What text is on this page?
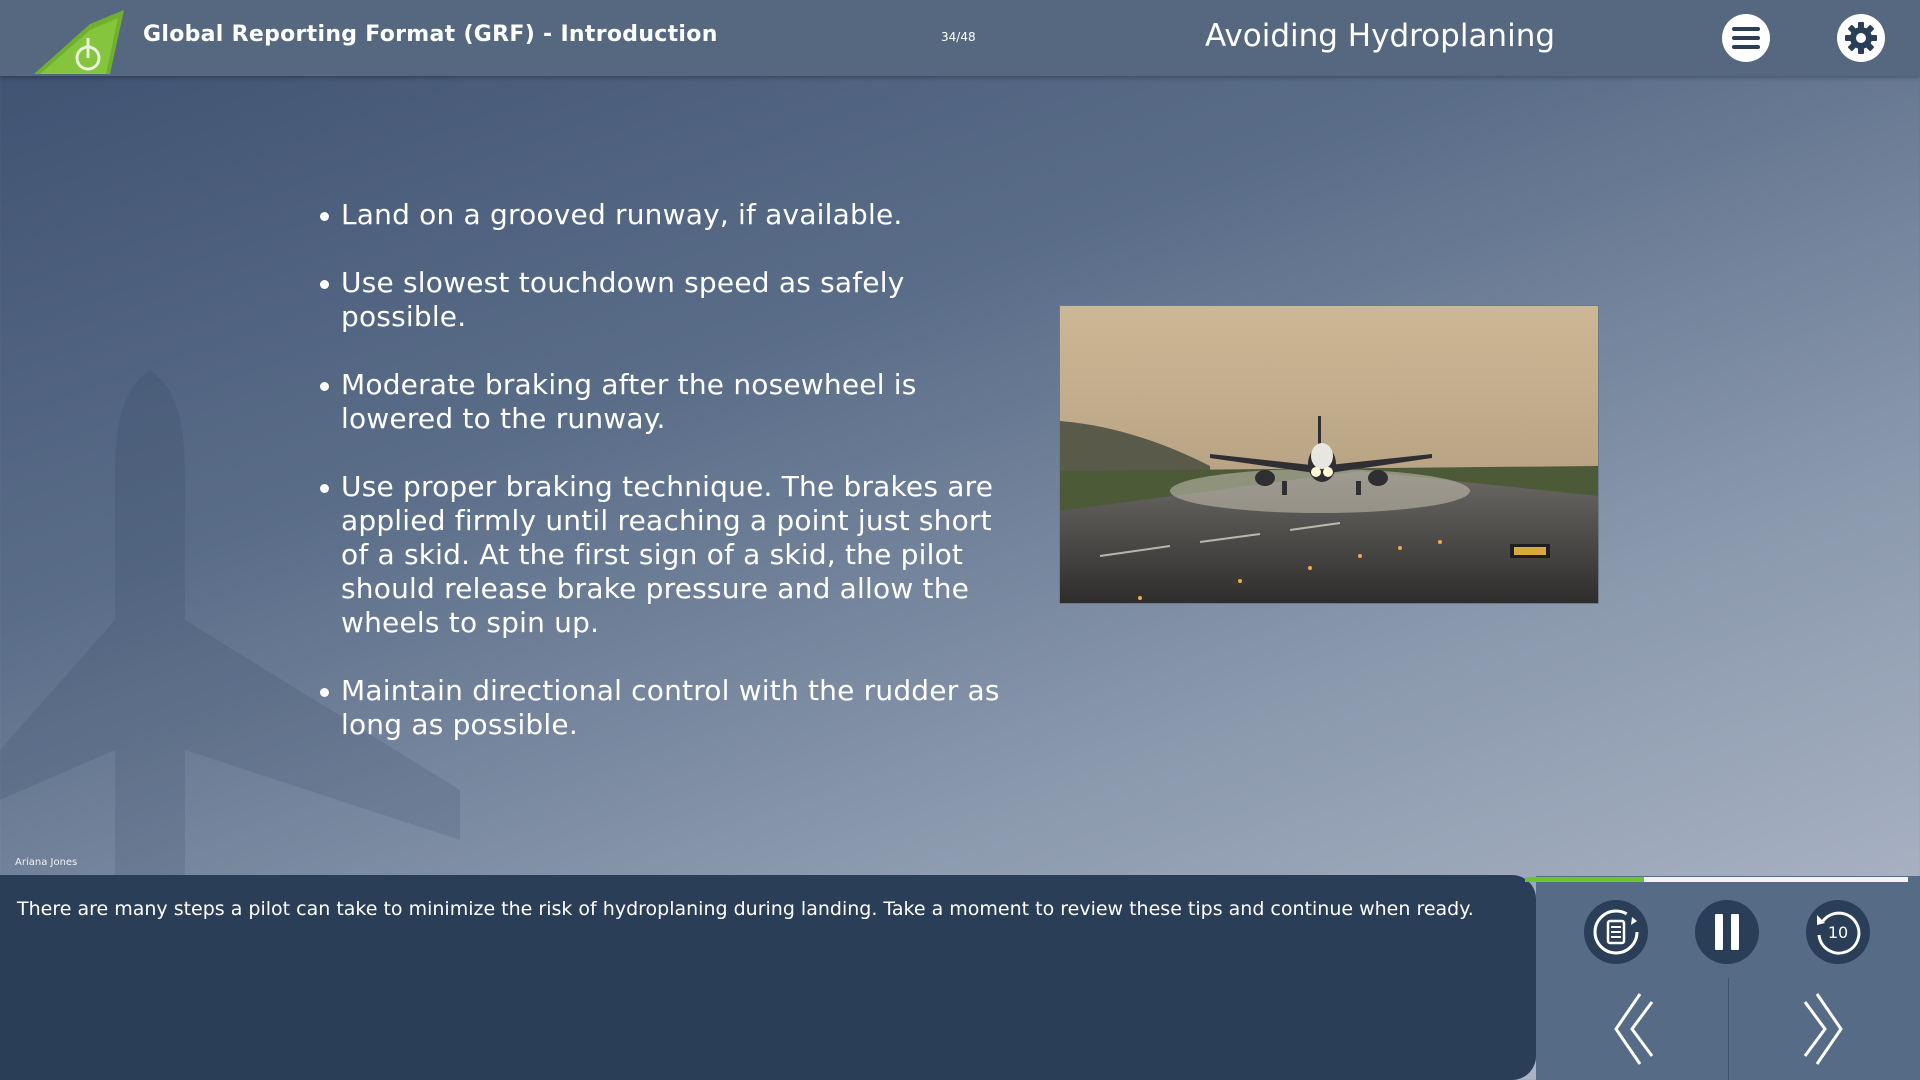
Global Reporting Format (GRF) - Introduction	34/48	Avoiding Hydroplaning
Land on a grooved runway, if available.
Use slowest touchdown speed as safely possible.
Moderate braking after the nosewheel is lowered to the runway.
Use proper braking technique. The brakes are applied firmly until reaching a point just short of a skid. At the first sign of a skid, the pilot should release brake pressure and allow the wheels to spin up.
Maintain directional control with the rudder as long as possible.
Ariana Jones
There are many steps a pilot can take to minimize the risk of hydroplaning during landing. Take a moment to review these tips and continue when ready.
10
